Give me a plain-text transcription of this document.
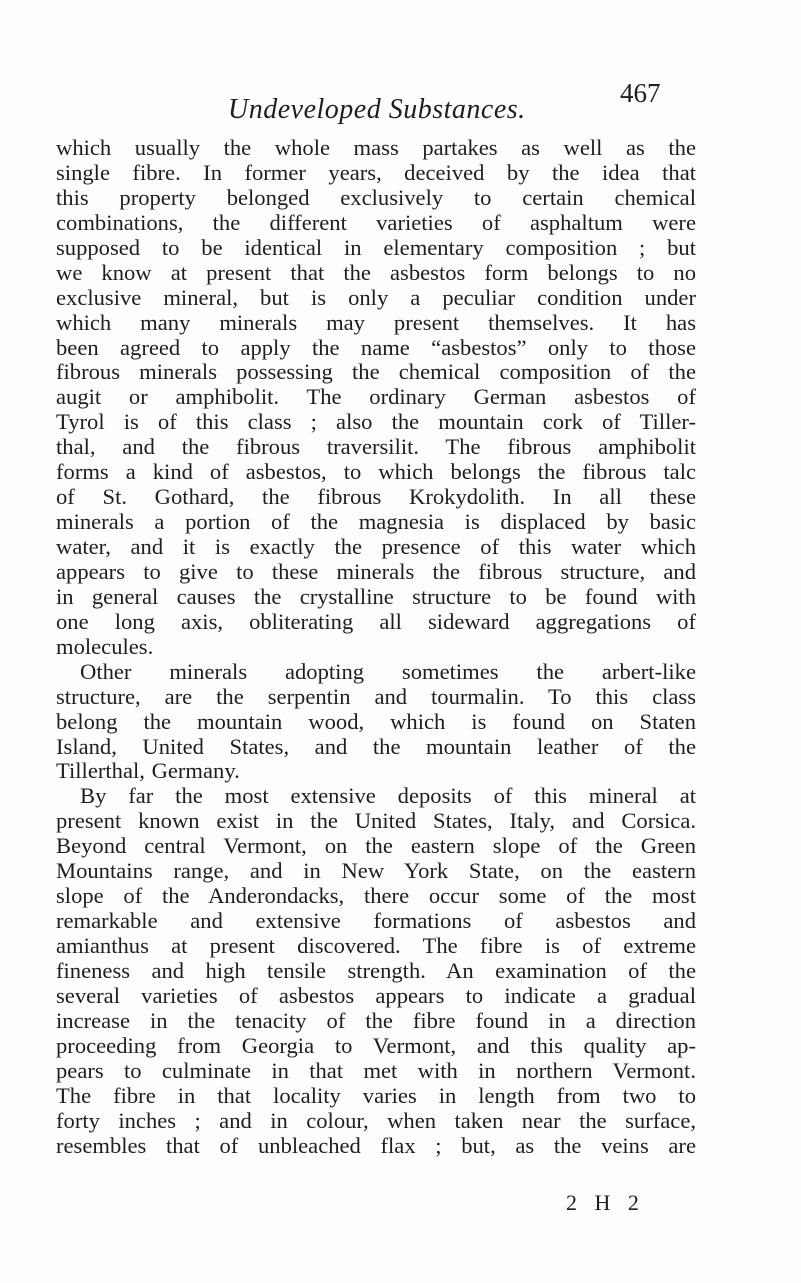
Undeveloped Substances.
467
which usually the whole mass partakes as well as the
single fibre. In former years, deceived by the idea that
this property belonged exclusively to certain chemical
combinations, the different varieties of asphaltum were
supposed to be identical in elementary composition ; but
we know at present that the asbestos form belongs to no
exclusive mineral, but is only a peculiar condition under
which many minerals may present themselves. It has
been agreed to apply the name “asbestos” only to those
fibrous minerals possessing the chemical composition of the
augit or amphibolit. The ordinary German asbestos of
Tyrol is of this class ; also the mountain cork of Tiller-
thal, and the fibrous traversilit. The fibrous amphibolit
forms a kind of asbestos, to which belongs the fibrous talc
of St. Gothard, the fibrous Krokydolith. In all these
minerals a portion of the magnesia is displaced by basic
water, and it is exactly the presence of this water which
appears to give to these minerals the fibrous structure, and
in general causes the crystalline structure to be found with
one long axis, obliterating all sideward aggregations of
molecules.
Other minerals adopting sometimes the arbert-like
structure, are the serpentin and tourmalin. To this class
belong the mountain wood, which is found on Staten
Island, United States, and the mountain leather of the
Tillerthal, Germany.
By far the most extensive deposits of this mineral at
present known exist in the United States, Italy, and Corsica.
Beyond central Vermont, on the eastern slope of the Green
Mountains range, and in New York State, on the eastern
slope of the Anderondacks, there occur some of the most
remarkable and extensive formations of asbestos and
amianthus at present discovered. The fibre is of extreme
fineness and high tensile strength. An examination of the
several varieties of asbestos appears to indicate a gradual
increase in the tenacity of the fibre found in a direction
proceeding from Georgia to Vermont, and this quality ap-
pears to culminate in that met with in northern Vermont.
The fibre in that locality varies in length from two to
forty inches ; and in colour, when taken near the surface,
resembles that of unbleached flax ; but, as the veins are
2 H 2
